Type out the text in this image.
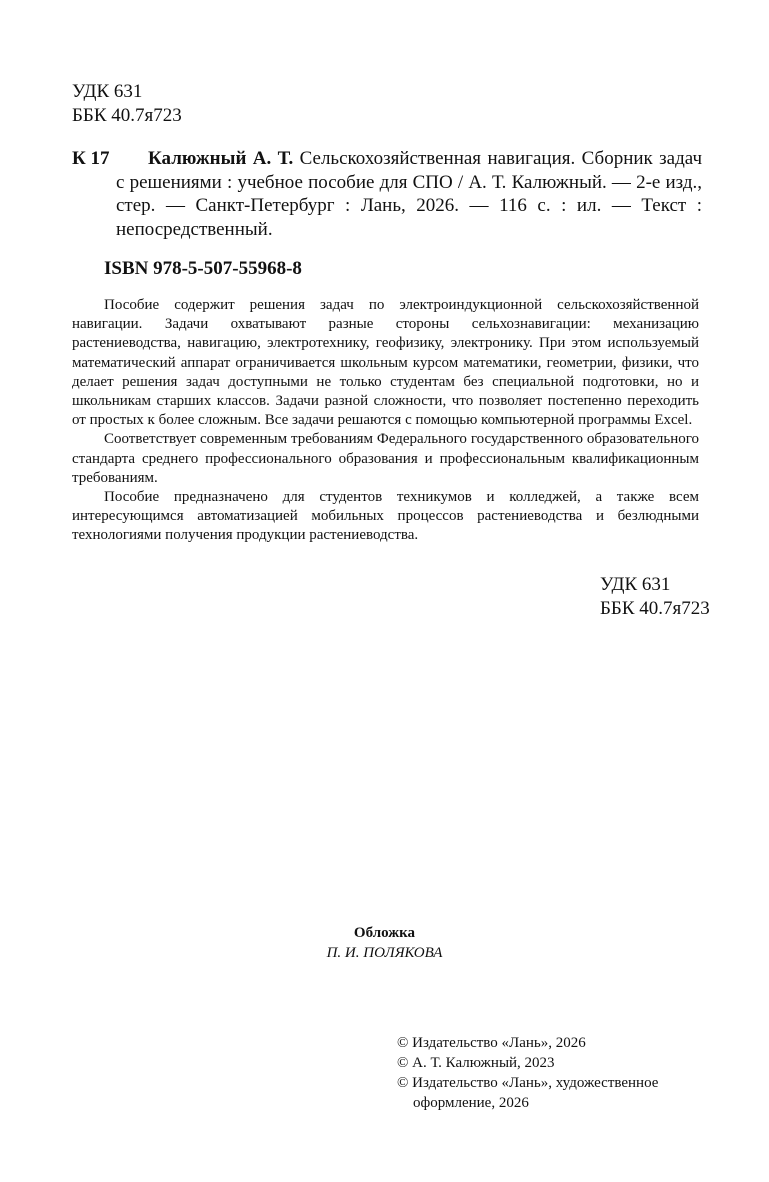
УДК 631
ББК 40.7я723
К 17	Калюжный А. Т. Сельскохозяйственная навигация. Сборник задач с решениями : учебное пособие для СПО / А. Т. Калюжный. — 2-е изд., стер. — Санкт-Петербург : Лань, 2026. — 116 с. : ил. — Текст : непосредственный.
ISBN 978-5-507-55968-8

Пособие содержит решения задач по электроиндукционной сельскохозяйственной навигации. Задачи охватывают разные стороны сельхознавигации: механизацию растениеводства, навигацию, электротехнику, геофизику, электронику. При этом используемый математический аппарат ограничивается школьным курсом математики, геометрии, физики, что делает решения задач доступными не только студентам без специальной подготовки, но и школьникам старших классов. Задачи разной сложности, что позволяет постепенно переходить от простых к более сложным. Все задачи решаются с помощью компьютерной программы Excel.

Соответствует современным требованиям Федерального государственного образовательного стандарта среднего профессионального образования и профессиональным квалификационным требованиям.

Пособие предназначено для студентов техникумов и колледжей, а также всем интересующимся автоматизацией мобильных процессов растениеводства и безлюдными технологиями получения продукции растениеводства.

УДК 631
ББК 40.7я723
Обложка
П. И. ПОЛЯКОВА
© Издательство «Лань», 2026
© А. Т. Калюжный, 2023
© Издательство «Лань», художественное оформление, 2026
